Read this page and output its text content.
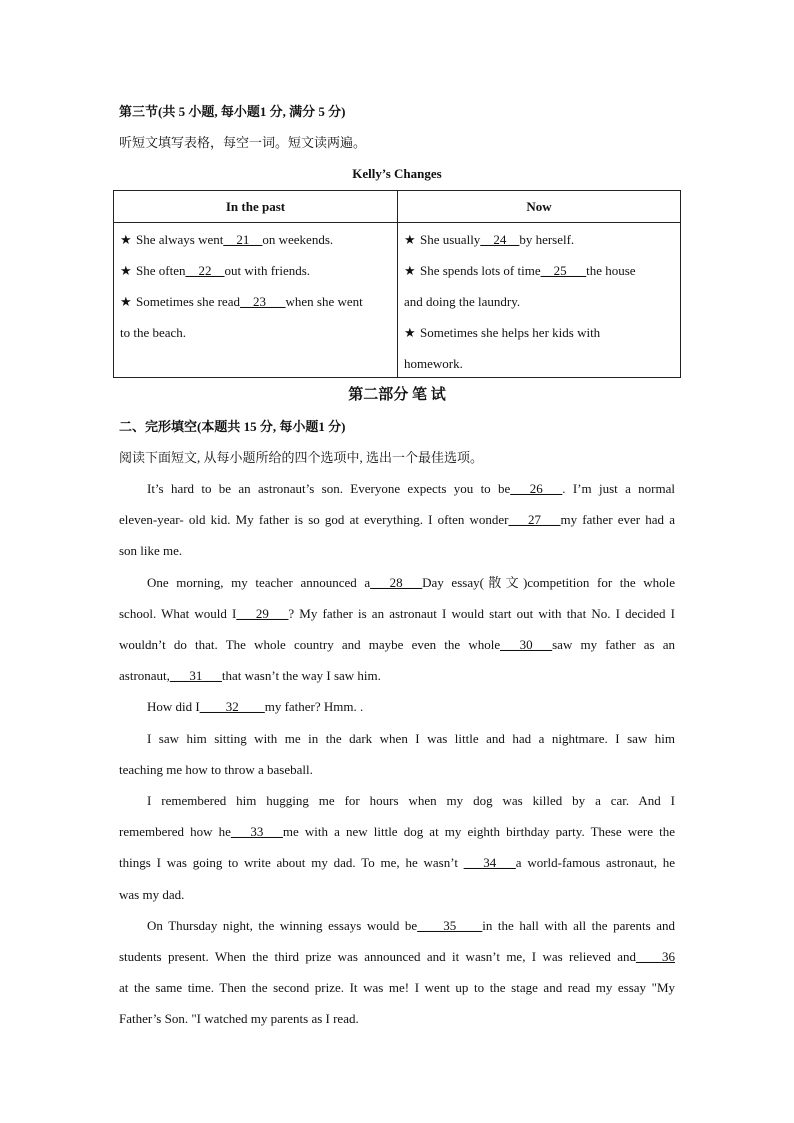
第三节(共 5 小题, 每小题1 分, 满分 5 分)
听短文填写表格，每空一词。短文读两遍。
Kelly’s Changes
In the past	Now
★ She always went__21__on weekends.
★ She often__22__out with friends.
★ Sometimes she read__23___when she went
to the beach.
★ She usually__24__by herself.
★ She spends lots of time__25___the house
and doing the laundry.
★ Sometimes she helps her kids with
homework.
第二部分 笔 试
二、完形填空(本题共 15 分, 每小题1 分)
阅读下面短文, 从每小题所给的四个选项中, 选出一个最佳选项。
It’s hard to be an astronaut’s son. Everyone expects you to be___26___. I’m just a normal
eleven-year- old kid. My father is so god at everything. I often wonder___27___my father ever had a
son like me.
One morning, my teacher announced a___28___Day essay(散文)competition for the whole
school. What would I___29___? My father is an astronaut I would start out with that No. I decided I
wouldn’t do that. The whole country and maybe even the whole___30___saw my father as an
astronaut,___31___that wasn’t the way I saw him.
How did I____32____my father? Hmm. .
I saw him sitting with me in the dark when I was little and had a nightmare. I saw him
teaching me how to throw a baseball.
I remembered him hugging me for hours when my dog was killed by a car. And I
remembered how he___33___me with a new little dog at my eighth birthday party. These were the
things I was going to write about my dad. To me, he wasn’t ___34___a world-famous astronaut, he
was my dad.
On Thursday night, the winning essays would be____35____in the hall with all the parents and
students present. When the third prize was announced and it wasn’t me, I was relieved and____36
at the same time. Then the second prize. It was me! I went up to the stage and read my essay "My
Father’s Son. "I watched my parents as I read.
